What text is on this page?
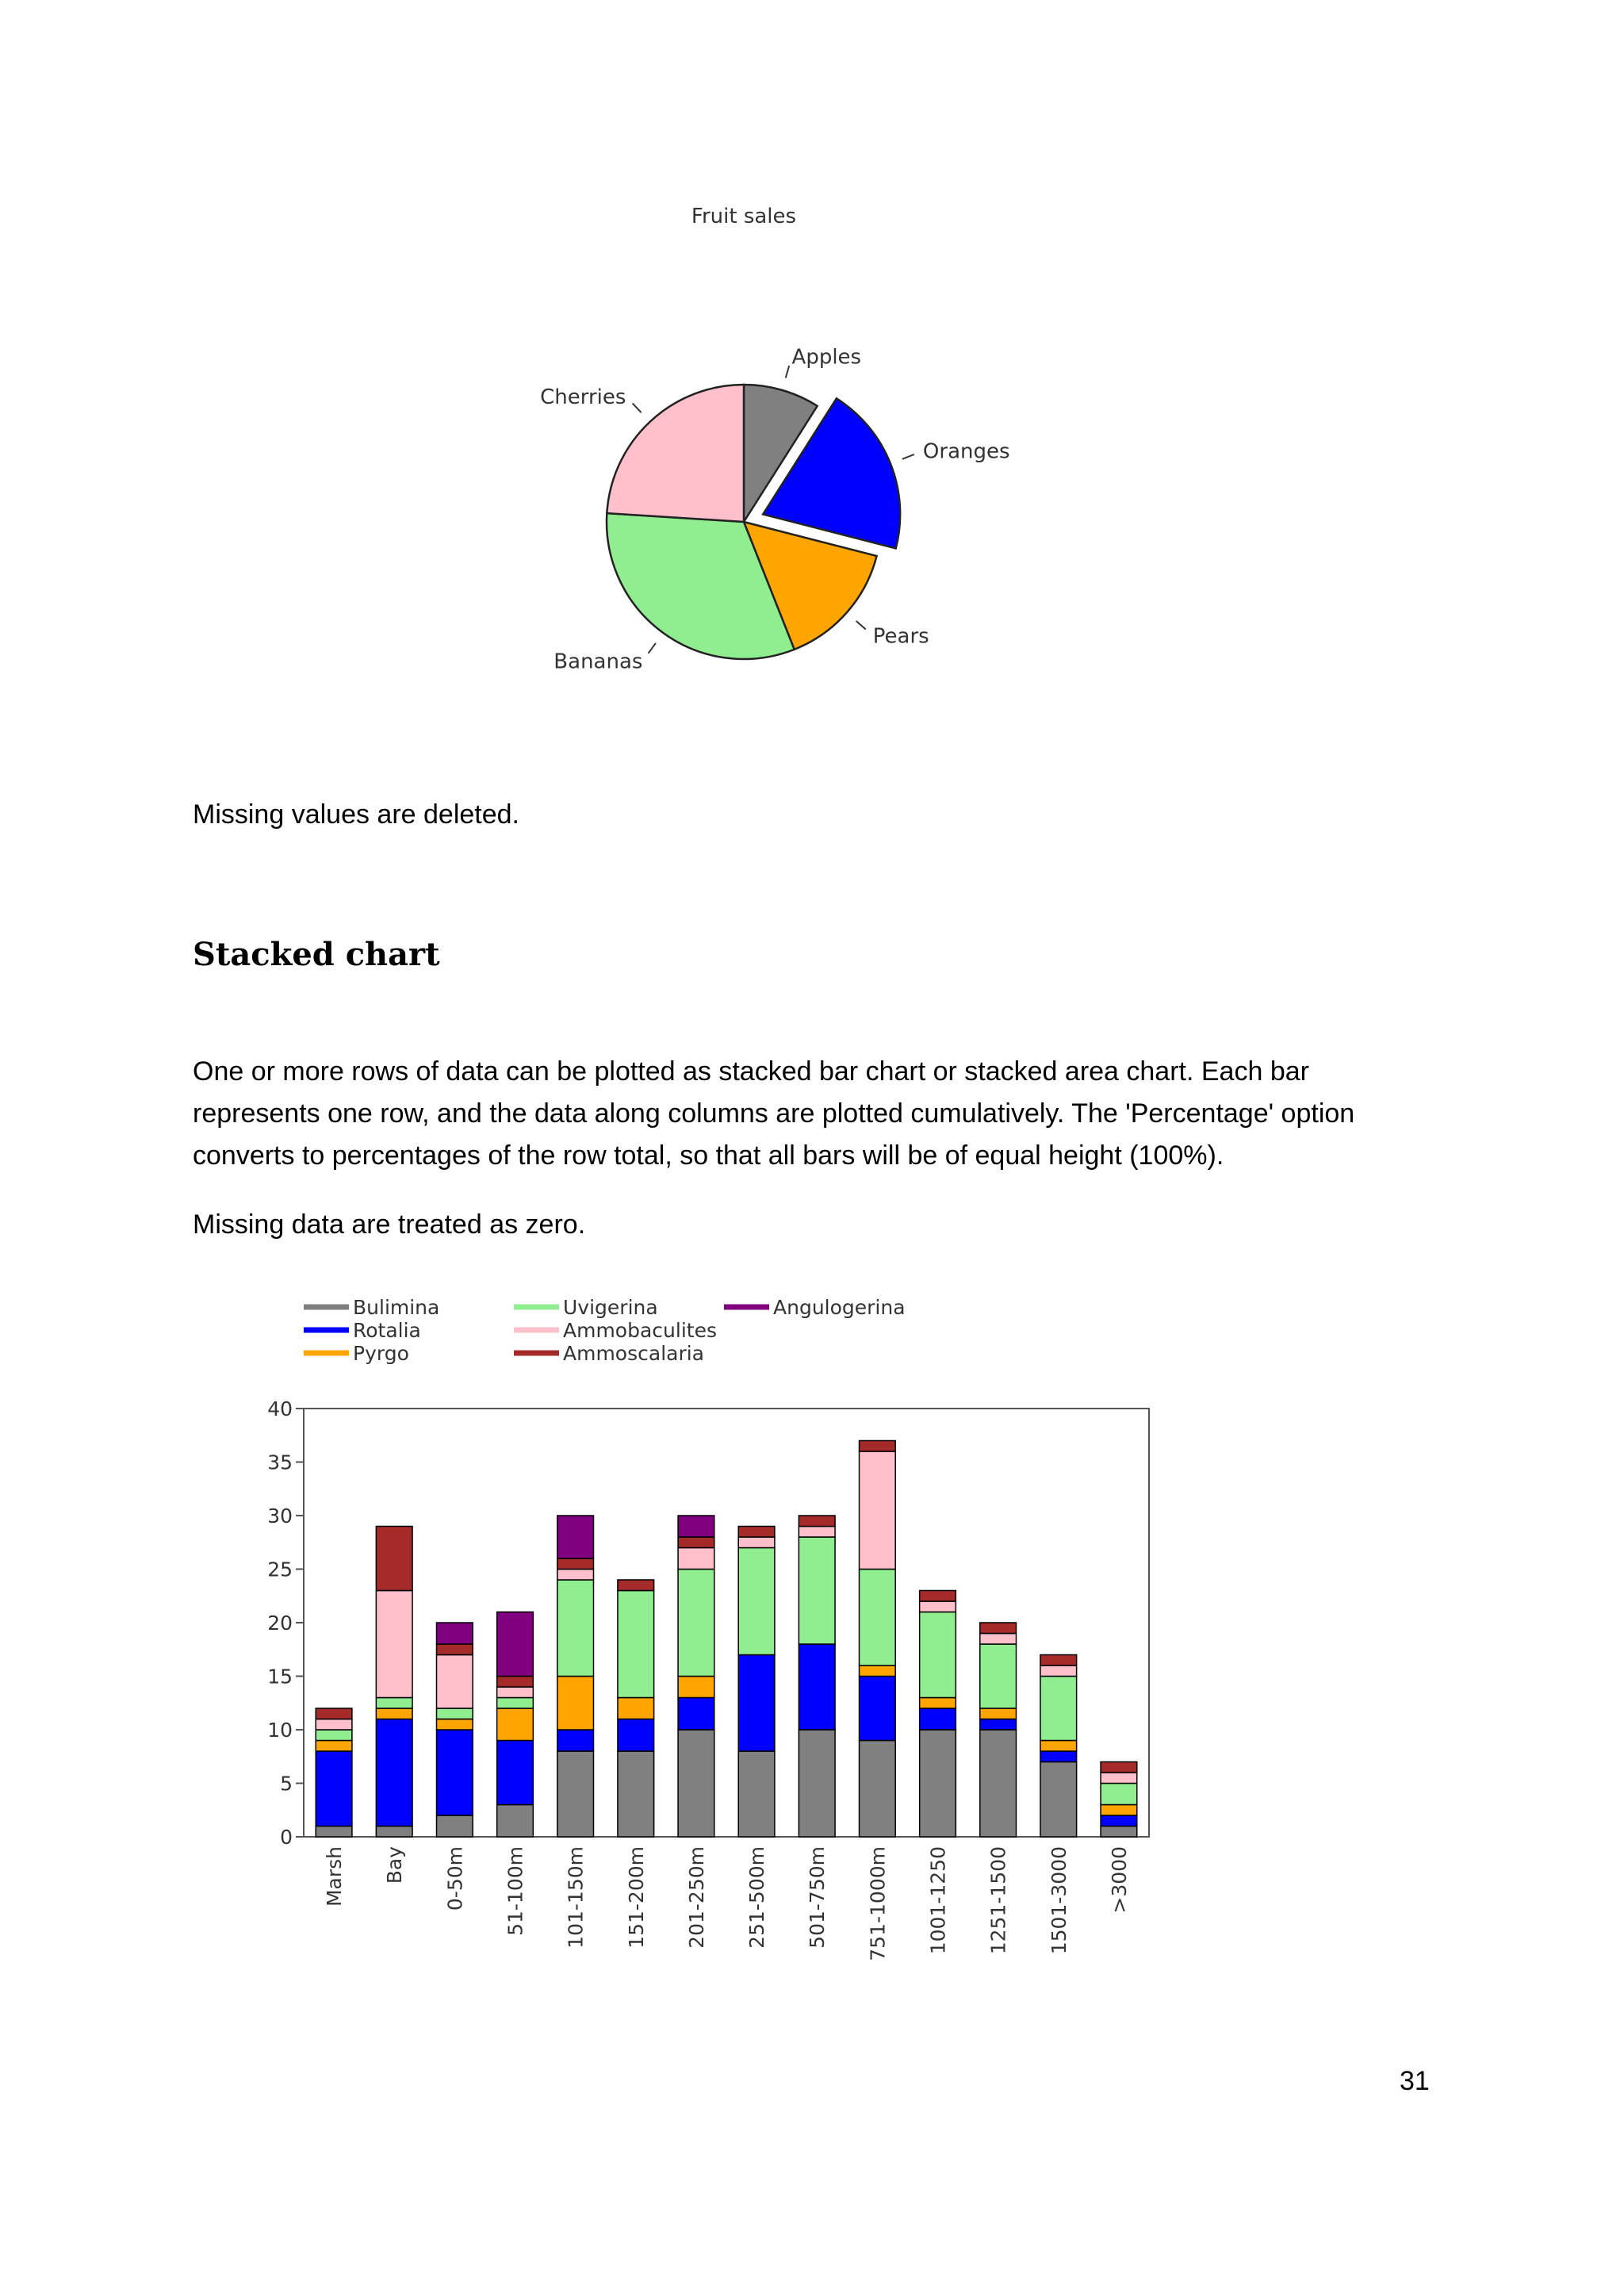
Fruit sales
Apples
Oranges
Pears
Bananas
Cherries

Missing values are deleted.

Stacked chart

One or more rows of data can be plotted as stacked bar chart or stacked area chart. Each bar

represents one row, and the data along columns are plotted cumulatively. The 'Percentage' option

converts to percentages of the row total, so that all bars will be of equal height (100%).

Missing data are treated as zero.

Bulimina
Rotalia
Pyrgo
Uvigerina
Ammobaculites
Ammoscalaria
Angulogerina
0
5
10
15
20
25
30
35
40
Marsh Bay 0-50m 51-100m 101-150m 151-200m 201-250m 251-500m 501-750m 751-1000m 1001-1250 1251-1500 1501-3000 >3000
31
